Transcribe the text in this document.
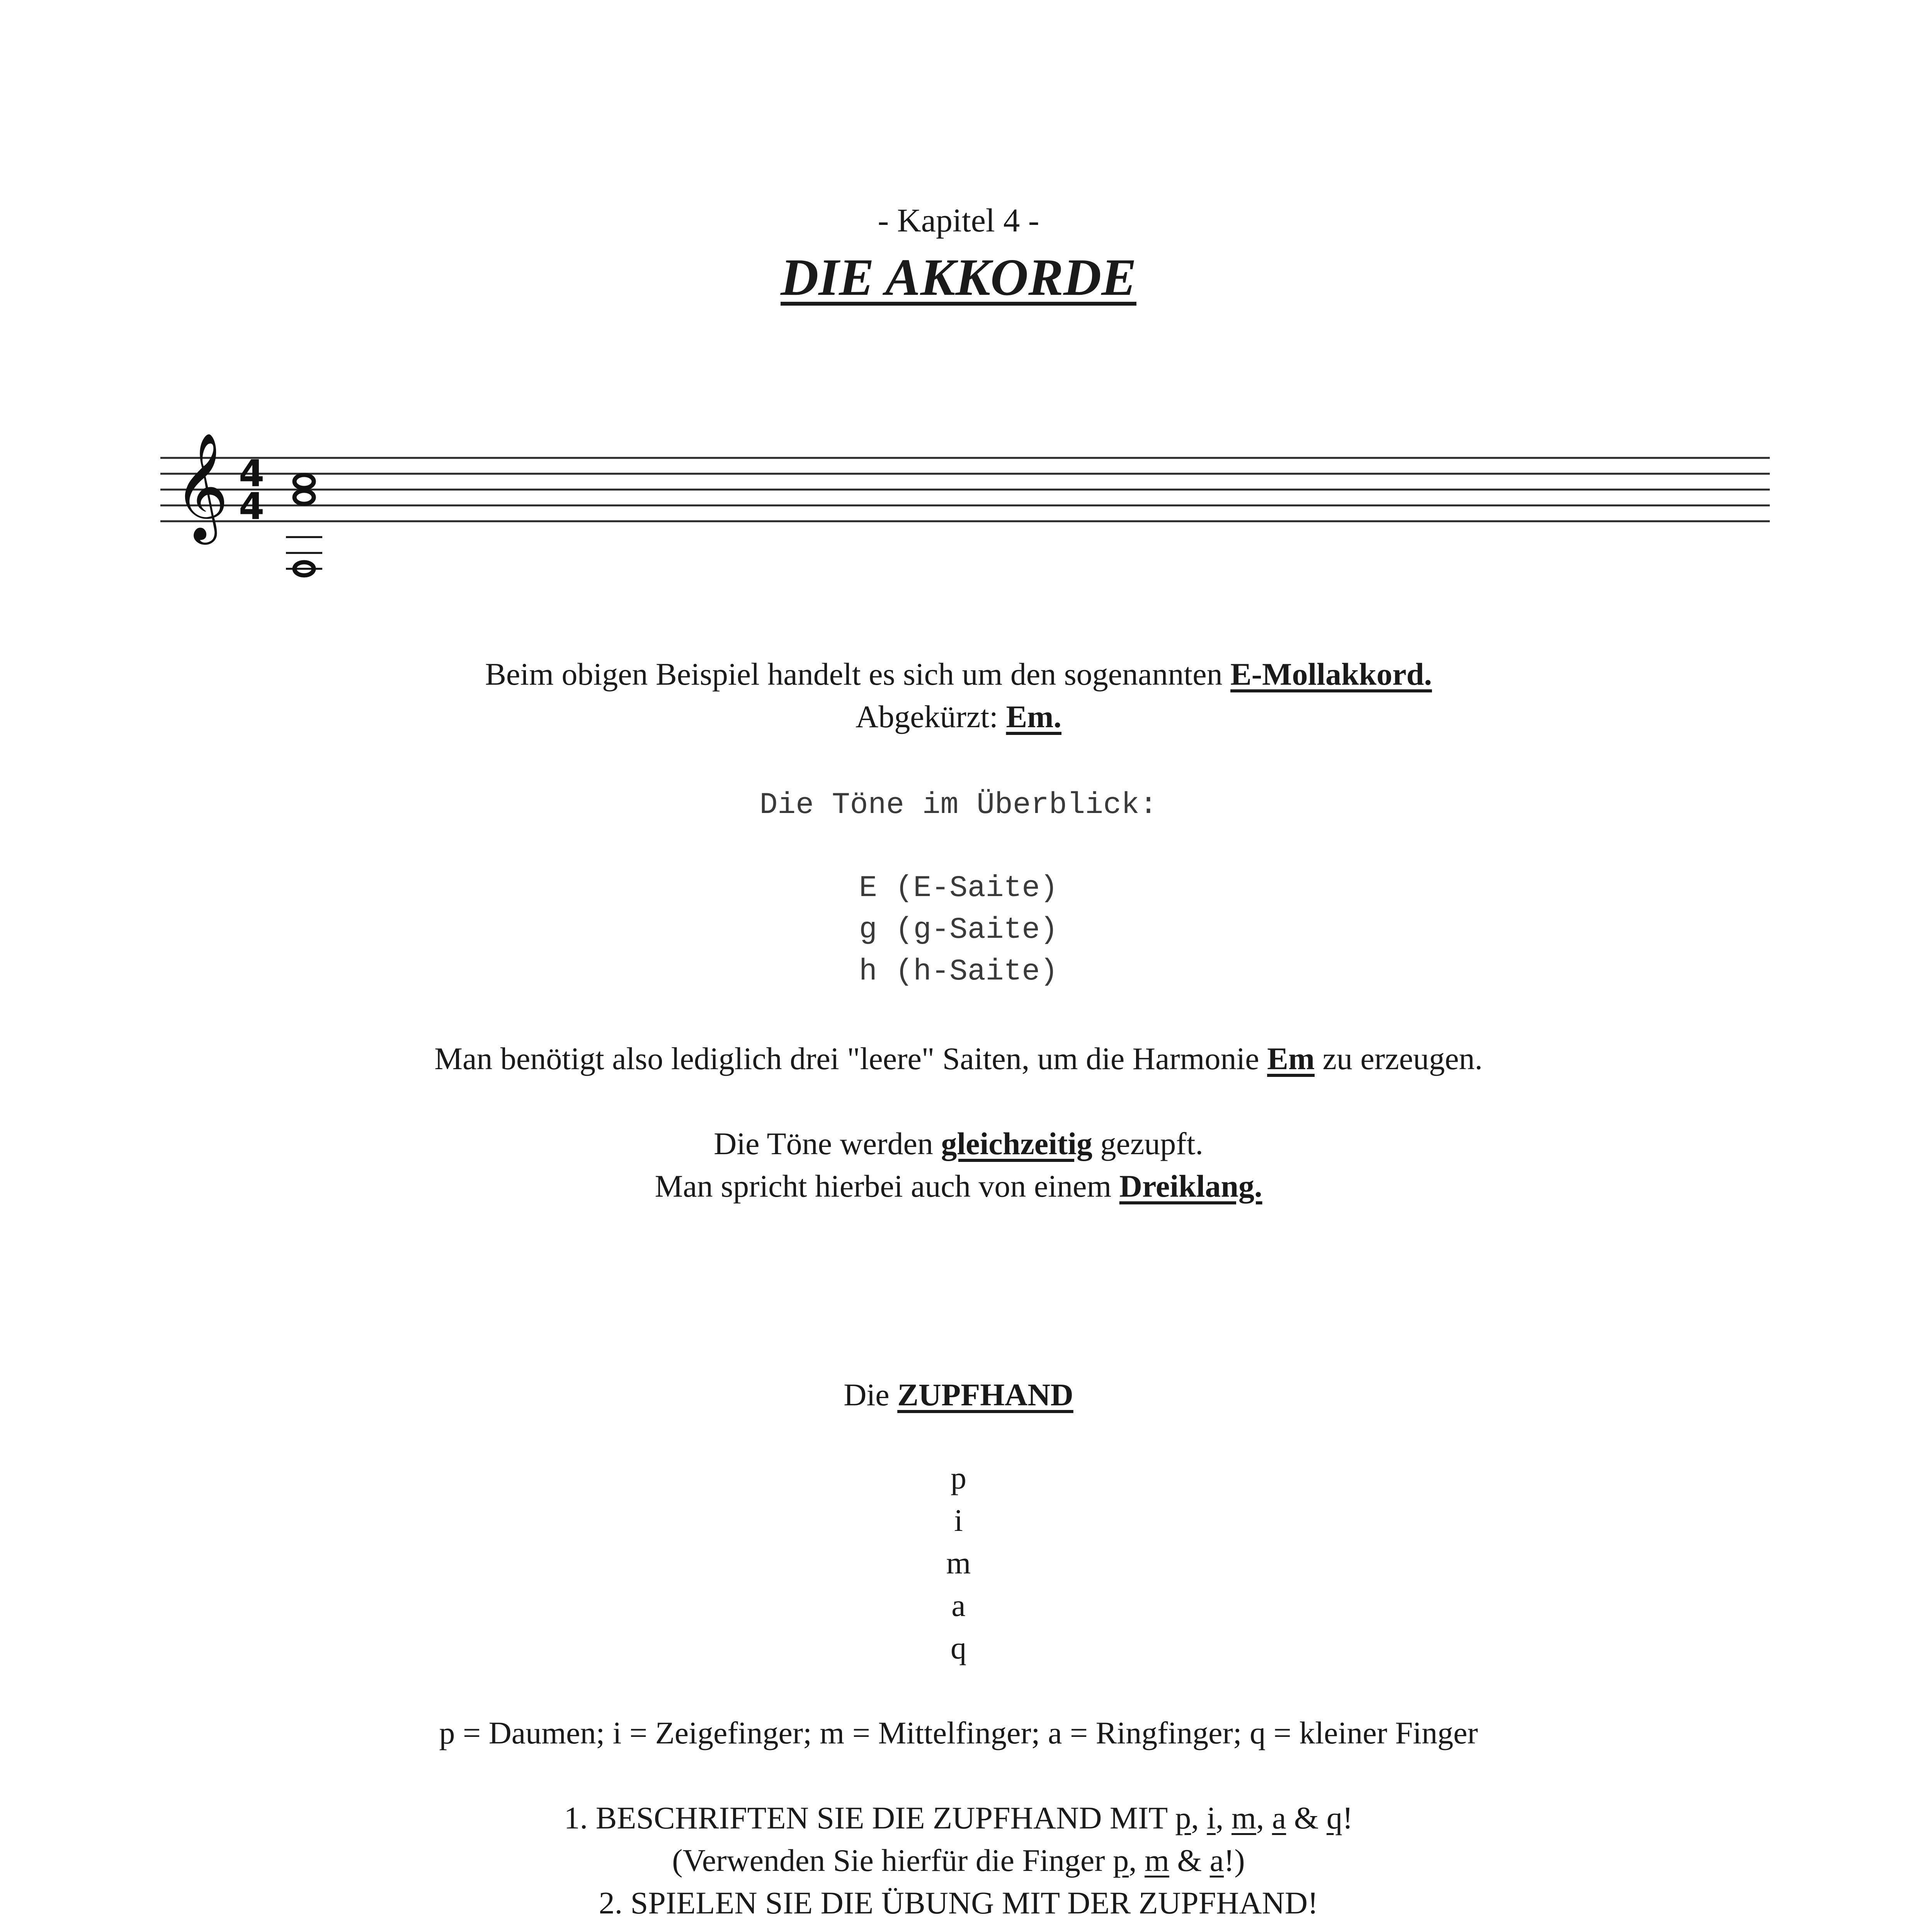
- Kapitel 4 -
DIE AKKORDE
𝄞 4
4
Beim obigen Beispiel handelt es sich um den sogenannten E-Mollakkord.
Abgekürzt: Em.
Die Töne im Überblick:
E (E-Saite)
g (g-Saite)
h (h-Saite)
Man benötigt also lediglich drei "leere" Saiten, um die Harmonie Em zu erzeugen.
Die Töne werden gleichzeitig gezupft.
Man spricht hierbei auch von einem Dreiklang.
Die ZUPFHAND
p
i
m
a
q
p = Daumen; i = Zeigefinger; m = Mittelfinger; a = Ringfinger; q = kleiner Finger
1. BESCHRIFTEN SIE DIE ZUPFHAND MIT p, i, m, a & q!
(Verwenden Sie hierfür die Finger p, m & a!)
2. SPIELEN SIE DIE ÜBUNG MIT DER ZUPFHAND!
